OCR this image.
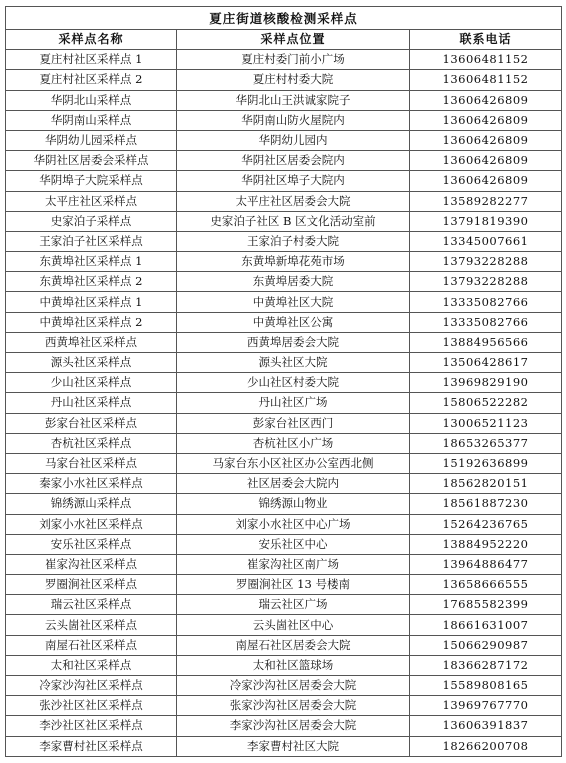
夏庄街道核酸检测采样点		
采样点名称	采样点位置	联系电话
夏庄村社区采样点 1	夏庄村委门前小广场	13606481152
夏庄村社区采样点 2	夏庄村村委大院	13606481152
华阴北山采样点	华阴北山王洪诚家院子	13606426809
华阴南山采样点	华阴南山防火屋院内	13606426809
华阴幼儿园采样点	华阴幼儿园内	13606426809
华阴社区居委会采样点	华阴社区居委会院内	13606426809
华阴埠子大院采样点	华阴社区埠子大院内	13606426809
太平庄社区采样点	太平庄社区居委会大院	13589282277
史家泊子采样点	史家泊子社区 B 区文化活动室前	13791819390
王家泊子社区采样点	王家泊子村委大院	13345007661
东黄埠社区采样点 1	东黄埠新埠花苑市场	13793228288
东黄埠社区采样点 2	东黄埠居委大院	13793228288
中黄埠社区采样点 1	中黄埠社区大院	13335082766
中黄埠社区采样点 2	中黄埠社区公寓	13335082766
西黄埠社区采样点	西黄埠居委会大院	13884956566
源头社区采样点	源头社区大院	13506428617
少山社区采样点	少山社区村委大院	13969829190
丹山社区采样点	丹山社区广场	15806522282
彭家台社区采样点	彭家台社区西门	13006521123
杏杭社区采样点	杏杭社区小广场	18653265377
马家台社区采样点	马家台东小区社区办公室西北侧	15192636899
秦家小水社区采样点	社区居委会大院内	18562820151
锦绣源山采样点	锦绣源山物业	18561887230
刘家小水社区采样点	刘家小水社区中心广场	15264236765
安乐社区采样点	安乐社区中心	13884952220
崔家沟社区采样点	崔家沟社区南广场	13964886477
罗圈涧社区采样点	罗圈涧社区 13 号楼南	13658666555
瑞云社区采样点	瑞云社区广场	17685582399
云头崮社区采样点	云头崮社区中心	18661631007
南屋石社区采样点	南屋石社区居委会大院	15066290987
太和社区采样点	太和社区篮球场	18366287172
冷家沙沟社区采样点	冷家沙沟社区居委会大院	15589808165
张沙社区社区采样点	张家沙沟社区居委会大院	13969767770
李沙社区社区采样点	李家沙沟社区居委会大院	13606391837
李家曹村社区采样点	李家曹村社区大院	18266200708
